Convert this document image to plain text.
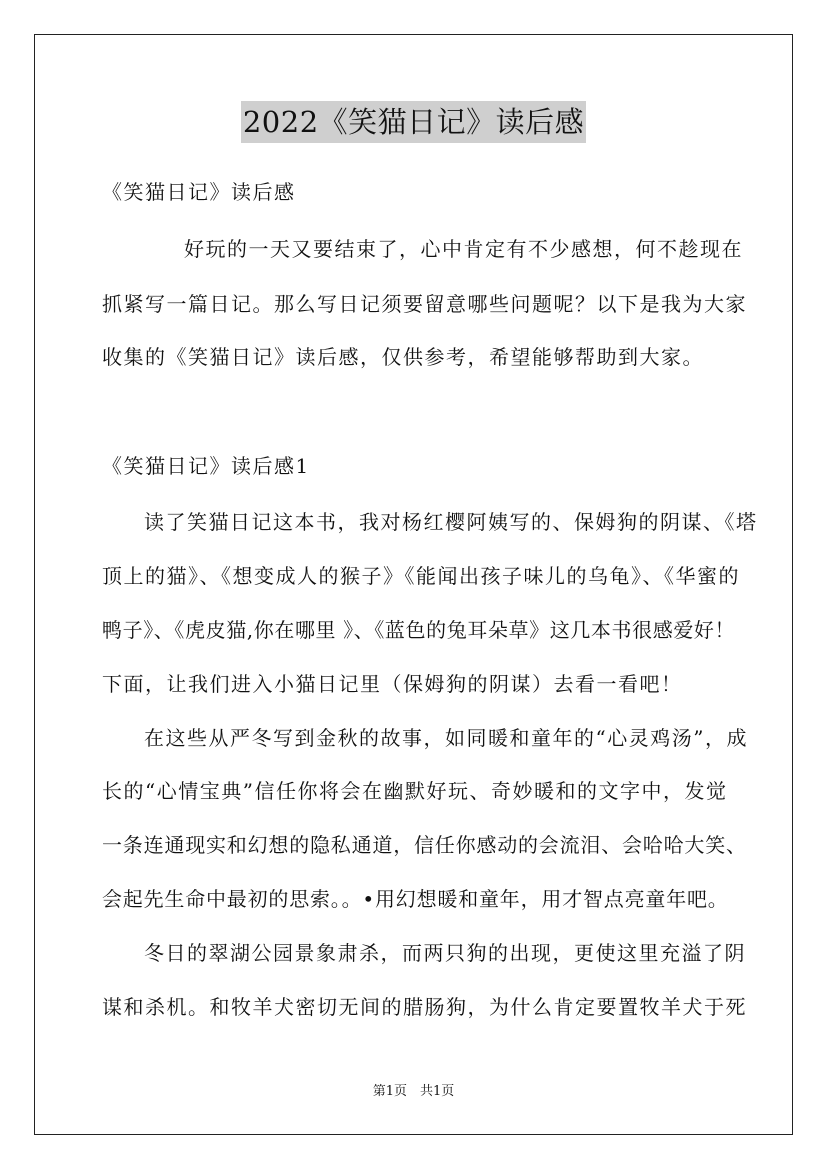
2022《笑猫日记》读后感
《笑猫日记》读后感
好玩的一天又要结束了，心中肯定有不少感想，何不趁现在
抓紧写一篇日记。那么写日记须要留意哪些问题呢？以下是我为大家
收集的《笑猫日记》读后感，仅供参考，希望能够帮助到大家。
《笑猫日记》读后感1
读了笑猫日记这本书，我对杨红樱阿姨写的、保姆狗的阴谋、《塔
顶上的猫》、《想变成人的猴子》《能闻出孩子味儿的乌龟》、《华蜜的
鸭子》、《虎皮猫,你在哪里 》、《蓝色的兔耳朵草》这几本书很感爱好！
下面，让我们进入小猫日记里（保姆狗的阴谋）去看一看吧！
在这些从严冬写到金秋的故事，如同暖和童年的“心灵鸡汤”，成
长的“心情宝典”信任你将会在幽默好玩、奇妙暖和的文字中，发觉
一条连通现实和幻想的隐私通道，信任你感动的会流泪、会哈哈大笑、
会起先生命中最初的思索。。•用幻想暖和童年，用才智点亮童年吧。
冬日的翠湖公园景象肃杀，而两只狗的出现，更使这里充溢了阴
谋和杀机。和牧羊犬密切无间的腊肠狗，为什么肯定要置牧羊犬于死
第1页　共1页
